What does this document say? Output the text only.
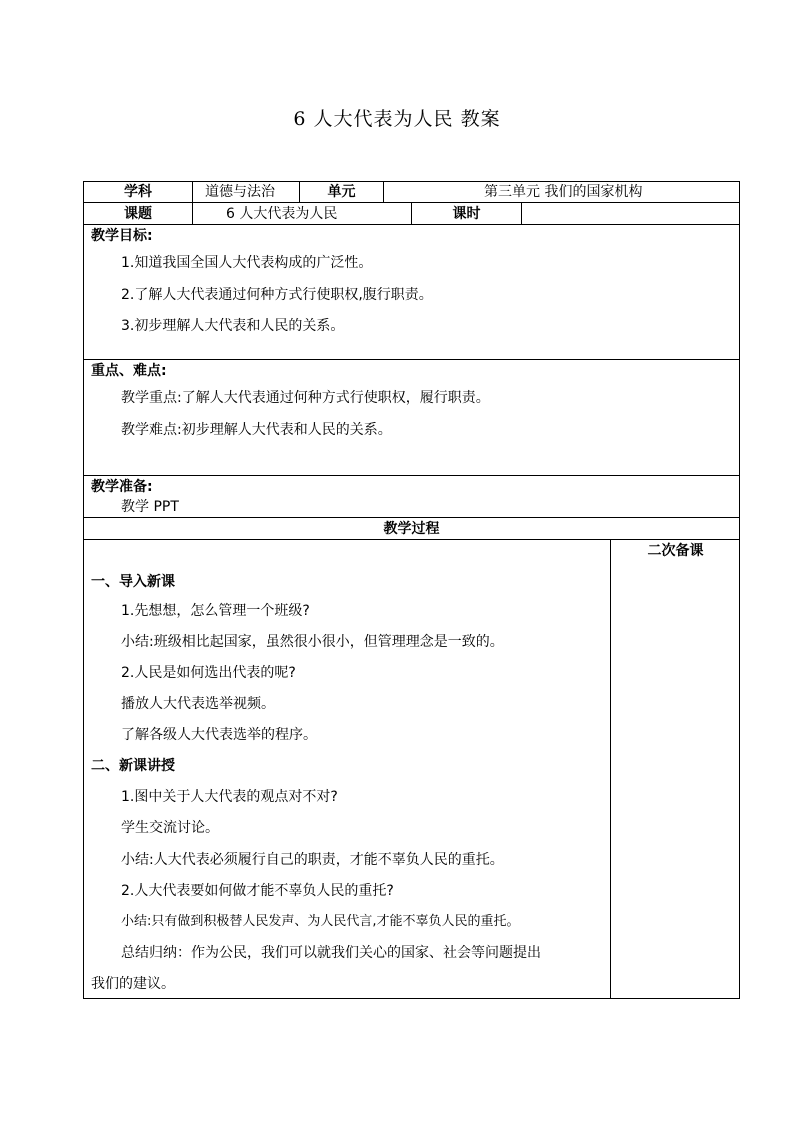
6 人大代表为人民 教案
学科	道德与法治	单元	第三单元 我们的国家机构
课题	6 人大代表为人民	课时
教学目标:
1.知道我国全国人大代表构成的广泛性。
2.了解人大代表通过何种方式行使职权,腹行职责。
3.初步理解人大代表和人民的关系。
重点、难点:
教学重点:了解人大代表通过何种方式行使职权，履行职责。
教学难点:初步理解人大代表和人民的关系。
教学准备:
教学 PPT
教学过程
二次备课
一、导入新课
1.先想想，怎么管理一个班级?
小结:班级相比起国家，虽然很小很小，但管理理念是一致的。
2.人民是如何选出代表的呢?
播放人大代表选举视频。
了解各级人大代表选举的程序。
二、新课讲授
1.图中关于人大代表的观点对不对?
学生交流讨论。
小结:人大代表必须履行自己的职责，才能不辜负人民的重托。
2.人大代表要如何做才能不辜负人民的重托?
小结:只有做到积极替人民发声、为人民代言,才能不辜负人民的重托。
总结归纳：作为公民，我们可以就我们关心的国家、社会等问题提出
我们的建议。
